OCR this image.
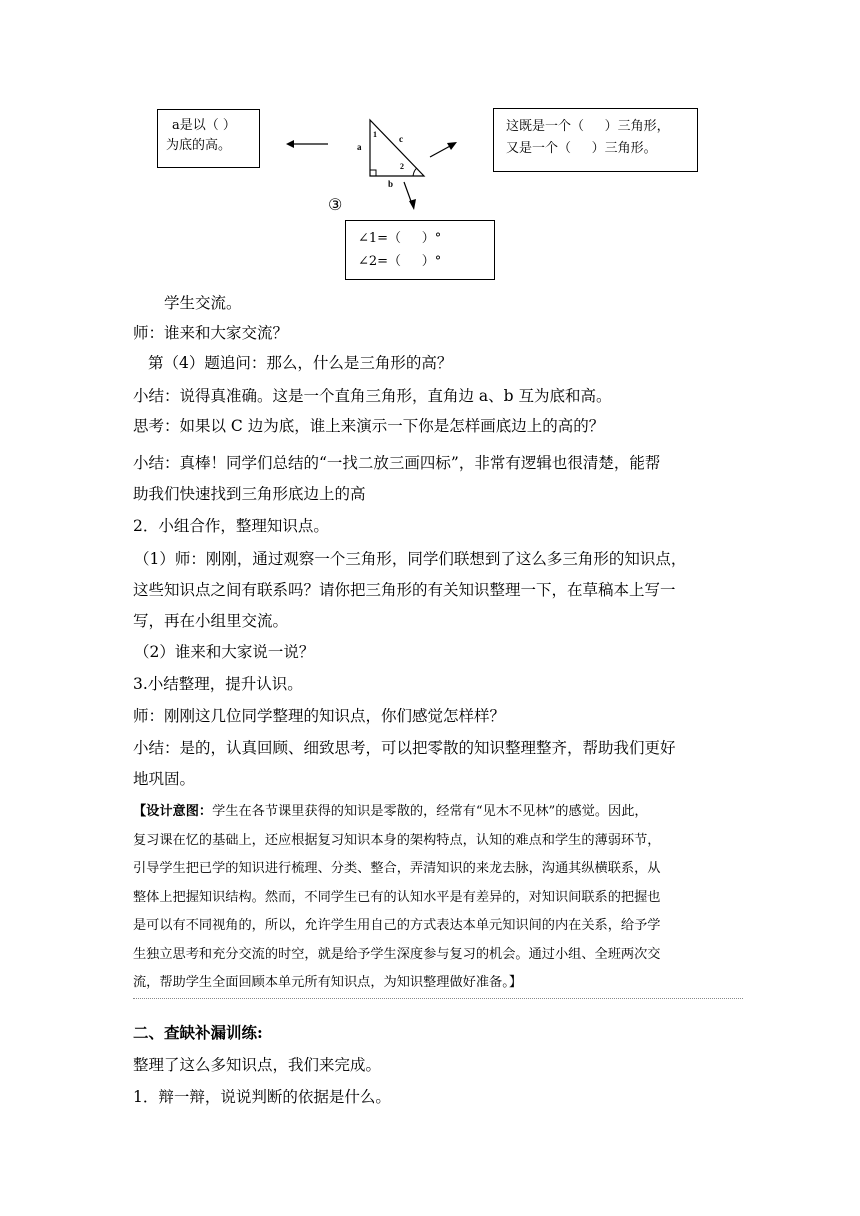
a是以（ ）
为底的高。
这既是一个（     ）三角形，
又是一个（     ）三角形。
∠1=（     ）°
∠2=（     ）°
③
a
1 c
2
b
学生交流。
师：谁来和大家交流？
第（4）题追问：那么，什么是三角形的高？
小结：说得真准确。这是一个直角三角形，直角边 a、b 互为底和高。
思考：如果以 C 边为底，谁上来演示一下你是怎样画底边上的高的？
小结：真棒！同学们总结的“一找二放三画四标”，非常有逻辑也很清楚，能帮
助我们快速找到三角形底边上的高
2．小组合作，整理知识点。
（1）师：刚刚，通过观察一个三角形，同学们联想到了这么多三角形的知识点，
这些知识点之间有联系吗？请你把三角形的有关知识整理一下，在草稿本上写一
写，再在小组里交流。
（2）谁来和大家说一说？
3.小结整理，提升认识。
师：刚刚这几位同学整理的知识点，你们感觉怎样样？
小结：是的，认真回顾、细致思考，可以把零散的知识整理整齐，帮助我们更好
地巩固。
【设计意图：学生在各节课里获得的知识是零散的，经常有“见木不见林”的感觉。因此，
复习课在忆的基础上，还应根据复习知识本身的架构特点，认知的难点和学生的薄弱环节，
引导学生把已学的知识进行梳理、分类、整合，弄清知识的来龙去脉，沟通其纵横联系，从
整体上把握知识结构。然而，不同学生已有的认知水平是有差异的，对知识间联系的把握也
是可以有不同视角的，所以，允许学生用自己的方式表达本单元知识间的内在关系，给予学
生独立思考和充分交流的时空，就是给予学生深度参与复习的机会。通过小组、全班两次交
流，帮助学生全面回顾本单元所有知识点，为知识整理做好准备。】
二、查缺补漏训练:
整理了这么多知识点，我们来完成。
1．辩一辩，说说判断的依据是什么。
